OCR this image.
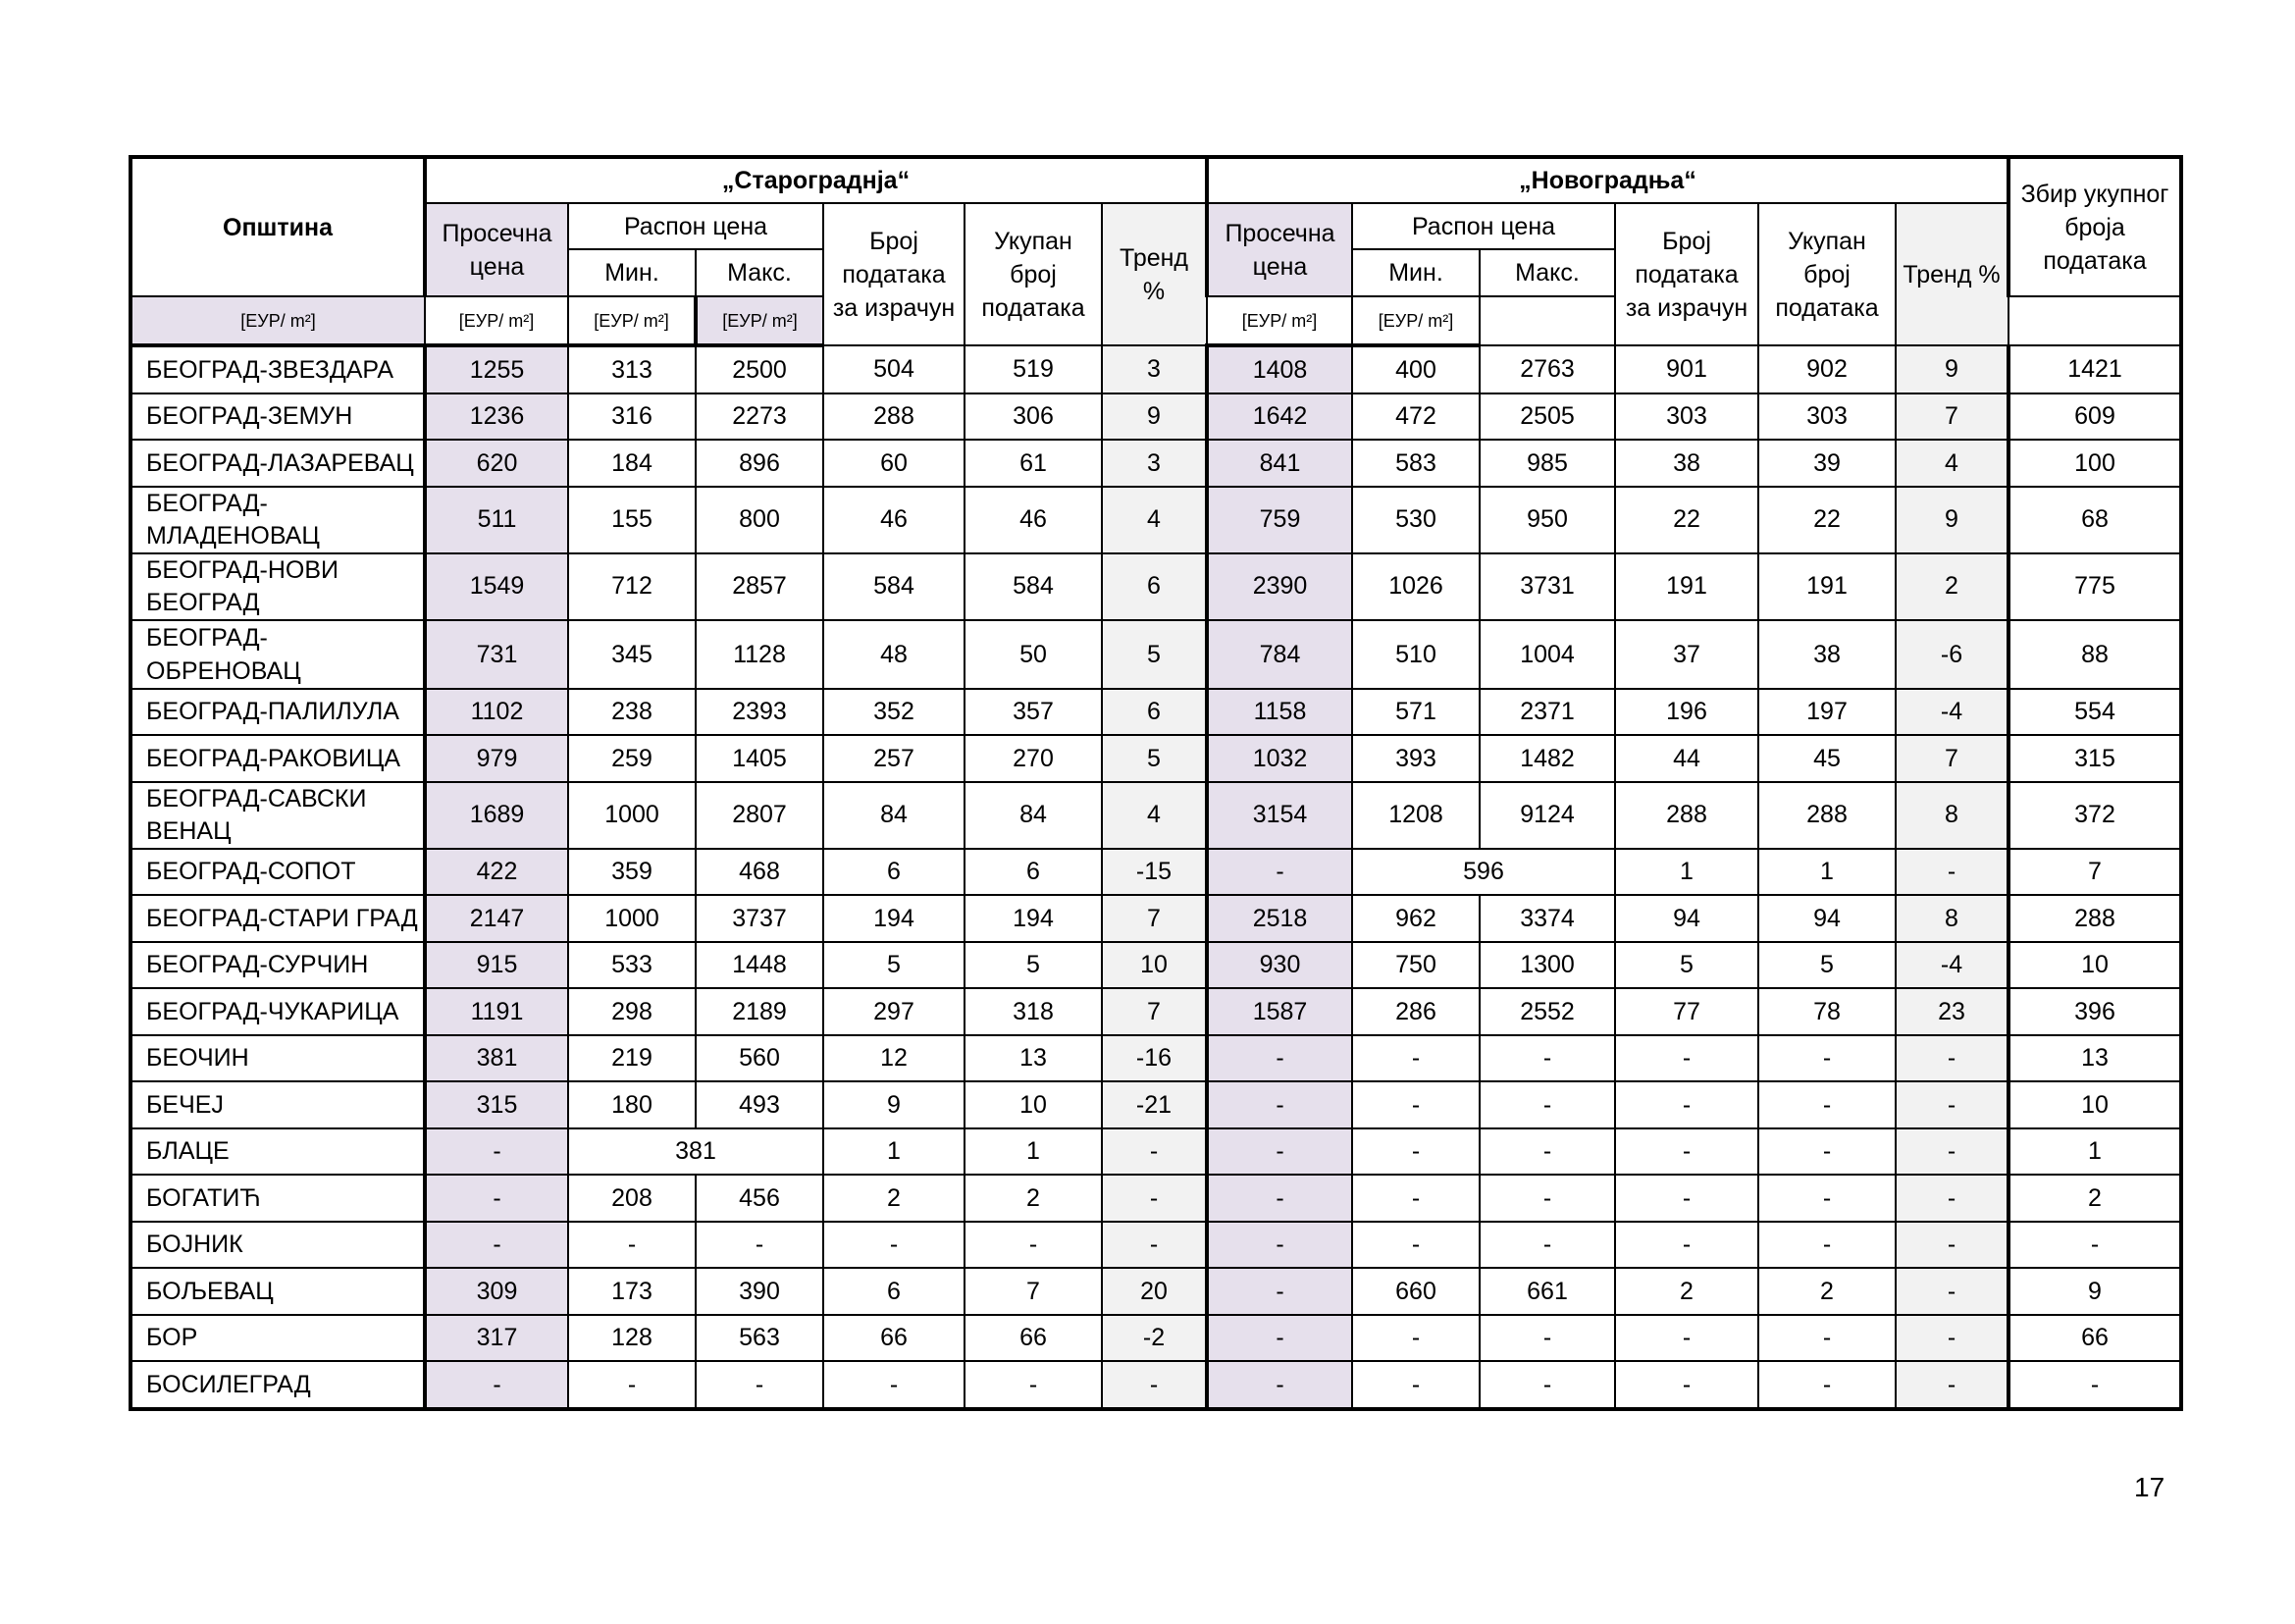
Општина	„Старограднја“						„Новоградња“						Збир укупног броја података
	Просечна цена	Распон цена		Број података за израчун	Укупан број података	Тренд %	Просечна цена	Распон цена		Број података за израчун	Укупан број података	Тренд %	
		Мин.	Макс.					Мин.	Макс.				
[ЕУР/ m²]	[ЕУР/ m²]	[ЕУР/ m²]	[ЕУР/ m²]				[ЕУР/ m²]	[ЕУР/ m²]					
БЕОГРАД-ЗВЕЗДАРА	1255	313	2500	504	519	3	1408	400	2763	901	902	9	1421
БЕОГРАД-ЗЕМУН	1236	316	2273	288	306	9	1642	472	2505	303	303	7	609
БЕОГРАД-ЛАЗАРЕВАЦ	620	184	896	60	61	3	841	583	985	38	39	4	100
БЕОГРАД-МЛАДЕНОВАЦ	511	155	800	46	46	4	759	530	950	22	22	9	68
БЕОГРАД-НОВИ БЕОГРАД	1549	712	2857	584	584	6	2390	1026	3731	191	191	2	775
БЕОГРАД-ОБРЕНОВАЦ	731	345	1128	48	50	5	784	510	1004	37	38	-6	88
БЕОГРАД-ПАЛИЛУЛА	1102	238	2393	352	357	6	1158	571	2371	196	197	-4	554
БЕОГРАД-РАКОВИЦА	979	259	1405	257	270	5	1032	393	1482	44	45	7	315
БЕОГРАД-САВСКИ ВЕНАЦ	1689	1000	2807	84	84	4	3154	1208	9124	288	288	8	372
БЕОГРАД-СОПОТ	422	359	468	6	6	-15	-	596		1	1	-	7
БЕОГРАД-СТАРИ ГРАД	2147	1000	3737	194	194	7	2518	962	3374	94	94	8	288
БЕОГРАД-СУРЧИН	915	533	1448	5	5	10	930	750	1300	5	5	-4	10
БЕОГРАД-ЧУКАРИЦА	1191	298	2189	297	318	7	1587	286	2552	77	78	23	396
БЕОЧИН	381	219	560	12	13	-16	-	-	-	-	-	-	13
БЕЧЕЈ	315	180	493	9	10	-21	-	-	-	-	-	-	10
БЛАЦЕ	-	381		1	1	-	-	-	-	-	-	-	1
БОГАТИЋ	-	208	456	2	2	-	-	-	-	-	-	-	2
БОЈНИК	-	-	-	-	-	-	-	-	-	-	-	-	-
БОЉЕВАЦ	309	173	390	6	7	20	-	660	661	2	2	-	9
БОР	317	128	563	66	66	-2	-	-	-	-	-	-	66
БОСИЛЕГРАД	-	-	-	-	-	-	-	-	-	-	-	-	-
17
